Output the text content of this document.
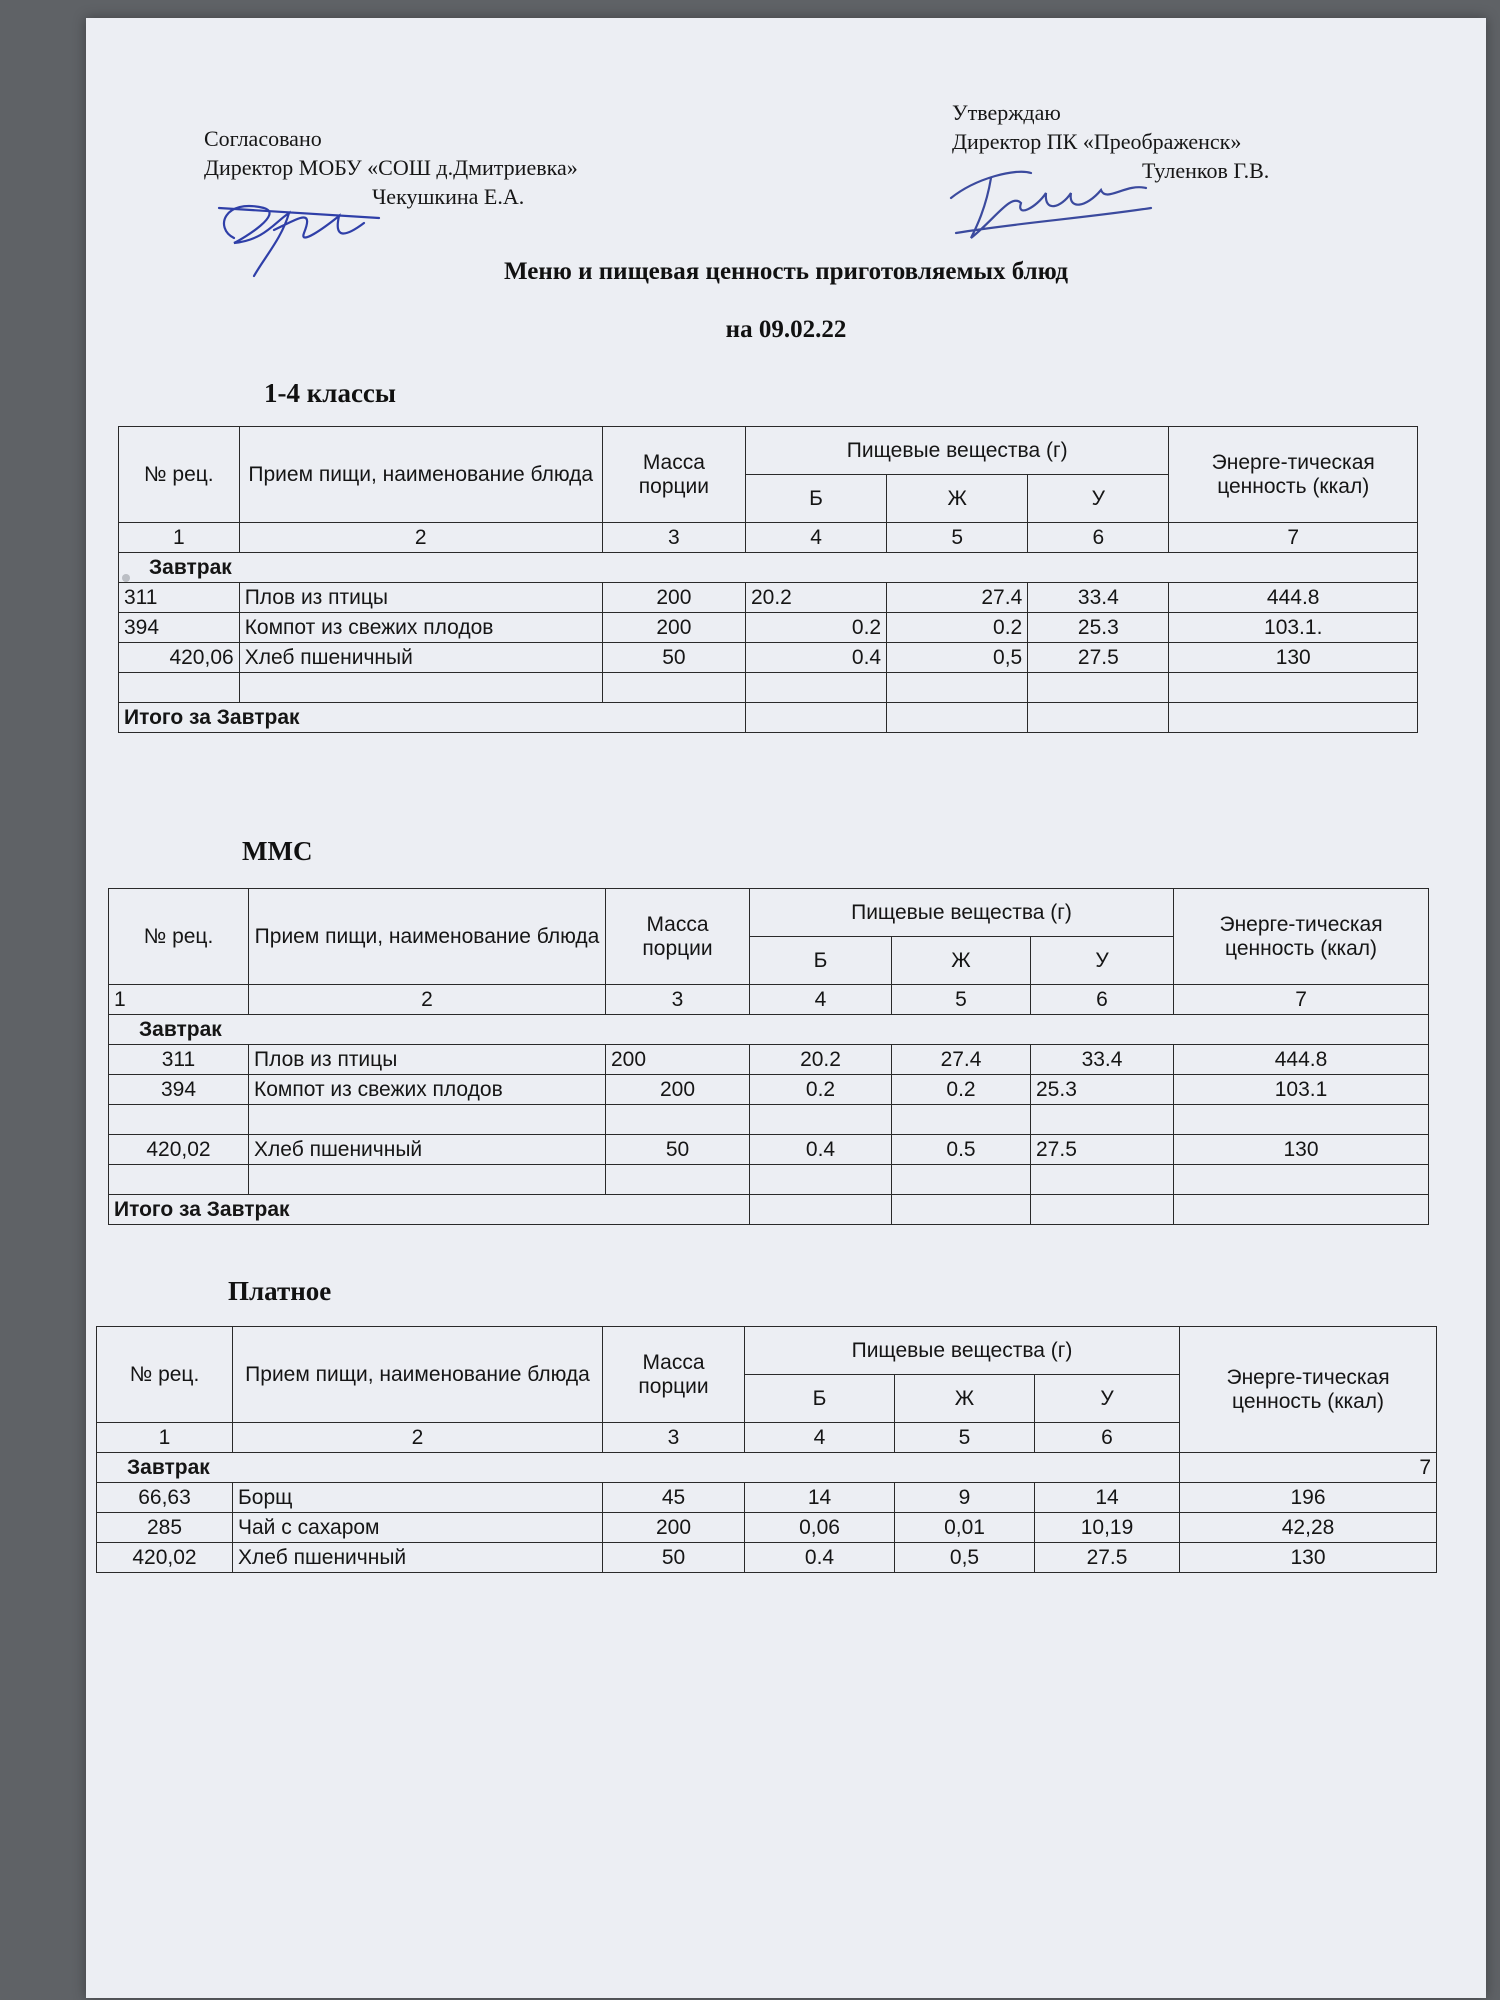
Согласовано
Директор МОБУ «СОШ д.Дмитриевка»
Чекушкина Е.А.
Утверждаю
Директор ПК «Преображенск»
Туленков Г.В.
Меню и пищевая ценность приготовляемых блюд
на 09.02.22
1-4 классы
№ рец.	Прием пищи, наименование блюда	Масса порции	Пищевые вещества (г)			Энерге-тическая ценность (ккал)
			Б	Ж	У	
1	2	3	4	5	6	7
Завтрак						
311	Плов из птицы	200	20.2	27.4	33.4	444.8
394	Компот из свежих плодов	200	0.2	0.2	25.3	103.1.
420,06	Хлеб пшеничный	50	0.4	0,5	27.5	130

Итого за Завтрак						
ММС
№ рец.	Прием пищи, наименование блюда	Масса порции	Пищевые вещества (г)			Энерге-тическая ценность (ккал)
			Б	Ж	У	
1	2	3	4	5	6	7
Завтрак						
311	Плов из птицы	200	20.2	27.4	33.4	444.8
394	Компот из свежих плодов	200	0.2	0.2	25.3	103.1

420,02	Хлеб пшеничный	50	0.4	0.5	27.5	130

Итого за Завтрак						
Платное
№ рец.	Прием пищи, наименование блюда	Масса порции	Пищевые вещества (г)			Энерге-тическая ценность (ккал)
			Б	Ж	У	
1	2	3	4	5	6	
Завтрак						7
66,63	Борщ	45	14	9	14	196
285	Чай с сахаром	200	0,06	0,01	10,19	42,28
420,02	Хлеб пшеничный	50	0.4	0,5	27.5	130
